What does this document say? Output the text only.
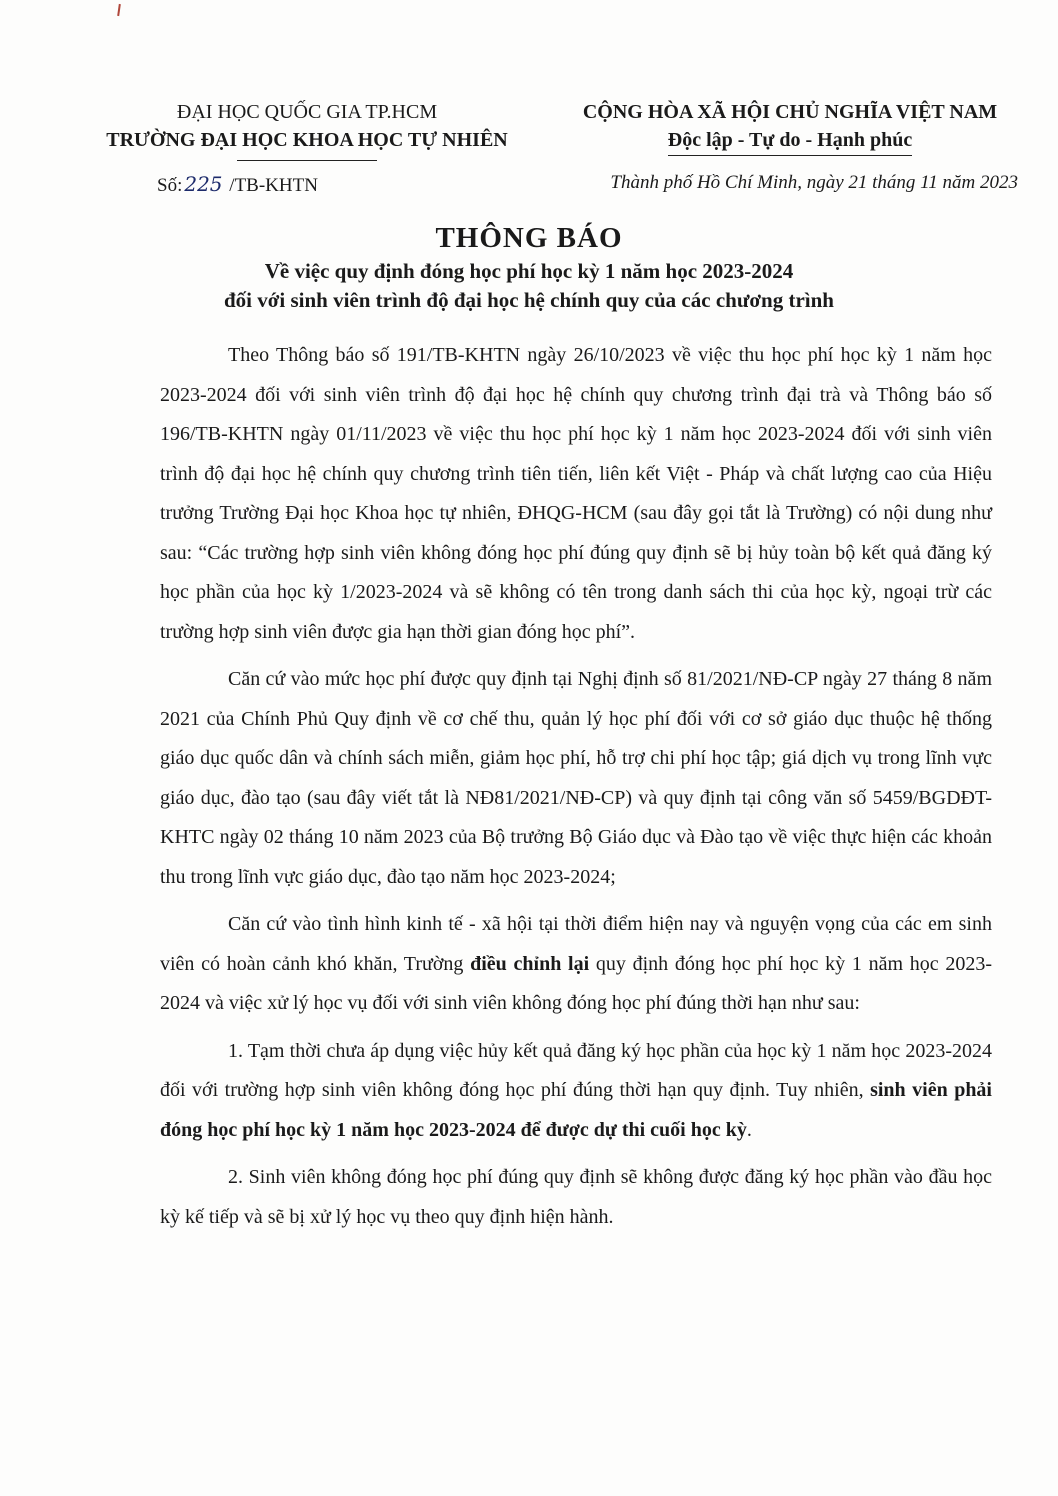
ĐẠI HỌC QUỐC GIA TP.HCM
TRƯỜNG ĐẠI HỌC KHOA HỌC TỰ NHIÊN
CỘNG HÒA XÃ HỘI CHỦ NGHĨA VIỆT NAM
Độc lập - Tự do - Hạnh phúc
Số: 225 /TB-KHTN	Thành phố Hồ Chí Minh, ngày 21 tháng 11 năm 2023
THÔNG BÁO
Về việc quy định đóng học phí học kỳ 1 năm học 2023-2024
đối với sinh viên trình độ đại học hệ chính quy của các chương trình

Theo Thông báo số 191/TB-KHTN ngày 26/10/2023 về việc thu học phí học kỳ 1 năm học 2023-2024 đối với sinh viên trình độ đại học hệ chính quy chương trình đại trà và Thông báo số 196/TB-KHTN ngày 01/11/2023 về việc thu học phí học kỳ 1 năm học 2023-2024 đối với sinh viên trình độ đại học hệ chính quy chương trình tiên tiến, liên kết Việt - Pháp và chất lượng cao của Hiệu trưởng Trường Đại học Khoa học tự nhiên, ĐHQG-HCM (sau đây gọi tắt là Trường) có nội dung như sau: “Các trường hợp sinh viên không đóng học phí đúng quy định sẽ bị hủy toàn bộ kết quả đăng ký học phần của học kỳ 1/2023-2024 và sẽ không có tên trong danh sách thi của học kỳ, ngoại trừ các trường hợp sinh viên được gia hạn thời gian đóng học phí”.

Căn cứ vào mức học phí được quy định tại Nghị định số 81/2021/NĐ-CP ngày 27 tháng 8 năm 2021 của Chính Phủ Quy định về cơ chế thu, quản lý học phí đối với cơ sở giáo dục thuộc hệ thống giáo dục quốc dân và chính sách miễn, giảm học phí, hỗ trợ chi phí học tập; giá dịch vụ trong lĩnh vực giáo dục, đào tạo (sau đây viết tắt là NĐ81/2021/NĐ-CP) và quy định tại công văn số 5459/BGDĐT-KHTC ngày 02 tháng 10 năm 2023 của Bộ trưởng Bộ Giáo dục và Đào tạo về việc thực hiện các khoản thu trong lĩnh vực giáo dục, đào tạo năm học 2023-2024;

Căn cứ vào tình hình kinh tế - xã hội tại thời điểm hiện nay và nguyện vọng của các em sinh viên có hoàn cảnh khó khăn, Trường điều chỉnh lại quy định đóng học phí học kỳ 1 năm học 2023-2024 và việc xử lý học vụ đối với sinh viên không đóng học phí đúng thời hạn như sau:

1. Tạm thời chưa áp dụng việc hủy kết quả đăng ký học phần của học kỳ 1 năm học 2023-2024 đối với trường hợp sinh viên không đóng học phí đúng thời hạn quy định. Tuy nhiên, sinh viên phải đóng học phí học kỳ 1 năm học 2023-2024 để được dự thi cuối học kỳ.

2. Sinh viên không đóng học phí đúng quy định sẽ không được đăng ký học phần vào đầu học kỳ kế tiếp và sẽ bị xử lý học vụ theo quy định hiện hành.
